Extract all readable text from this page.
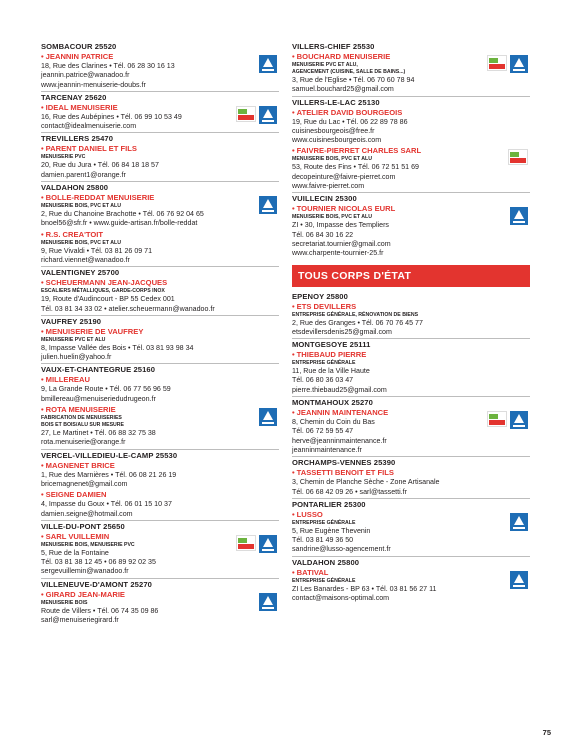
SOMBACOUR 25520
• JEANNIN PATRICE
18, Rue des Clarines • Tél. 06 28 30 16 13
jeannin.patrice@wanadoo.fr
www.jeannin-menuiserie-doubs.fr
TARCENAY 25620
• IDEAL MENUISERIE
16, Rue des Aubépines • Tél. 06 99 10 53 49
contact@idealmenuiserie.com
TREVILLERS 25470
• PARENT DANIEL ET FILS
MENUISERIE PVC
20, Rue du Jura • Tél. 06 84 18 18 57
damien.parent1@orange.fr
VALDAHON 25800
• BOLLE-REDDAT MENUISERIE
MENUISERIE BOIS, PVC ET ALU
2, Rue du Chanoine Brachotte • Tél. 06 76 92 04 65
bnoel56@sfr.fr • www.guide-artisan.fr/bolle-reddat
• R.S. CREA'TOIT
MENUISERIE BOIS, PVC ET ALU
9, Rue Vivaldi • Tél. 03 81 26 09 71
richard.viennet@wanadoo.fr
VALENTIGNEY 25700
• SCHEUERMANN JEAN-JACQUES
ESCALIERS MÉTALLIQUES, GARDE-CORPS INOX
19, Route d'Audincourt - BP 55 Cedex 001
Tél. 03 81 34 33 02 • atelier.scheuermann@wanadoo.fr
VAUFREY 25190
• MENUISERIE DE VAUFREY
MENUISERIE PVC ET ALU
8, Impasse Vallée des Bois • Tél. 03 81 93 98 34
julien.huelin@yahoo.fr
VAUX-ET-CHANTEGRUE 25160
• MILLEREAU
9, La Grande Route • Tél. 06 77 56 96 59
bmillereau@menuiseriedudrugeon.fr
• ROTA MENUISERIE
FABRICATION DE MENUISERIES
BOIS ET BOIS/ALU SUR MESURE
27, Le Martinet • Tél. 06 88 32 75 38
rota.menuiserie@orange.fr
VERCEL-VILLEDIEU-LE-CAMP 25530
• MAGNENET BRICE
1, Rue des Marnières • Tél. 06 08 21 26 19
bricemagnenet@gmail.com
• SEIGNE DAMIEN
4, Impasse du Goux • Tél. 06 01 15 10 37
damien.seigne@hotmail.com
VILLE-DU-PONT 25650
• SARL VUILLEMIN
MENUISERIE BOIS, MENUISERIE PVC
5, Rue de la Fontaine
Tél. 03 81 38 12 45 • 06 89 92 02 35
sergevuillemin@wanadoo.fr
VILLENEUVE-D'AMONT 25270
• GIRARD JEAN-MARIE
MENUISERIE BOIS
Route de Villers • Tél. 06 74 35 09 86
sarl@menuiseriegirard.fr
VILLERS-CHIEF 25530
• BOUCHARD MENUISERIE
MENUISERIE PVC ET ALU,
AGENCEMENT (CUISINE, SALLE DE BAINS...)
3, Rue de l'Eglise • Tél. 06 70 60 78 94
samuel.bouchard25@gmail.com
VILLERS-LE-LAC 25130
• ATELIER DAVID BOURGEOIS
19, Rue du Lac • Tél. 06 22 89 78 86
cuisinesbourgeois@free.fr
www.cuisinesbourgeois.com
• FAIVRE-PIERRET CHARLES SARL
MENUISERIE BOIS, PVC ET ALU
53, Route des Fins • Tél. 06 72 51 51 69
decopeinture@faivre-pierret.com
www.faivre-pierret.com
VUILLECIN 25300
• TOURNIER NICOLAS EURL
MENUISERIE BOIS, PVC ET ALU
ZI • 30, Impasse des Templiers
Tél. 06 84 30 16 22
secretariat.tournier@gmail.com
www.charpente-tournier-25.fr
TOUS CORPS D'ÉTAT
EPENOY 25800
• ETS DEVILLERS
ENTREPRISE GÉNÉRALE, RÉNOVATION DE BIENS
2, Rue des Granges • Tél. 06 70 76 45 77
etsdevillersdenis25@gmail.com
MONTGESOYE 25111
• THIEBAUD PIERRE
ENTREPRISE GÉNÉRALE
11, Rue de la Ville Haute
Tél. 06 80 36 03 47
pierre.thiebaud25@gmail.com
MONTMAHOUX 25270
• JEANNIN MAINTENANCE
8, Chemin du Coin du Bas
Tél. 06 72 59 55 47
herve@jeanninmaintenance.fr
jeanninmaintenance.fr
ORCHAMPS-VENNES 25390
• TASSETTI BENOIT ET FILS
3, Chemin de Planche Sèche - Zone Artisanale
Tél. 06 68 42 09 26 • sarl@tassetti.fr
PONTARLIER 25300
• LUSSO
ENTREPRISE GÉNÉRALE
5, Rue Eugène Thevenin
Tél. 03 81 49 36 50
sandrine@lusso-agencement.fr
VALDAHON 25800
• BATIVAL
ENTREPRISE GÉNÉRALE
ZI Les Banardes - BP 63 • Tél. 03 81 56 27 11
contact@maisons-optimal.com
75
